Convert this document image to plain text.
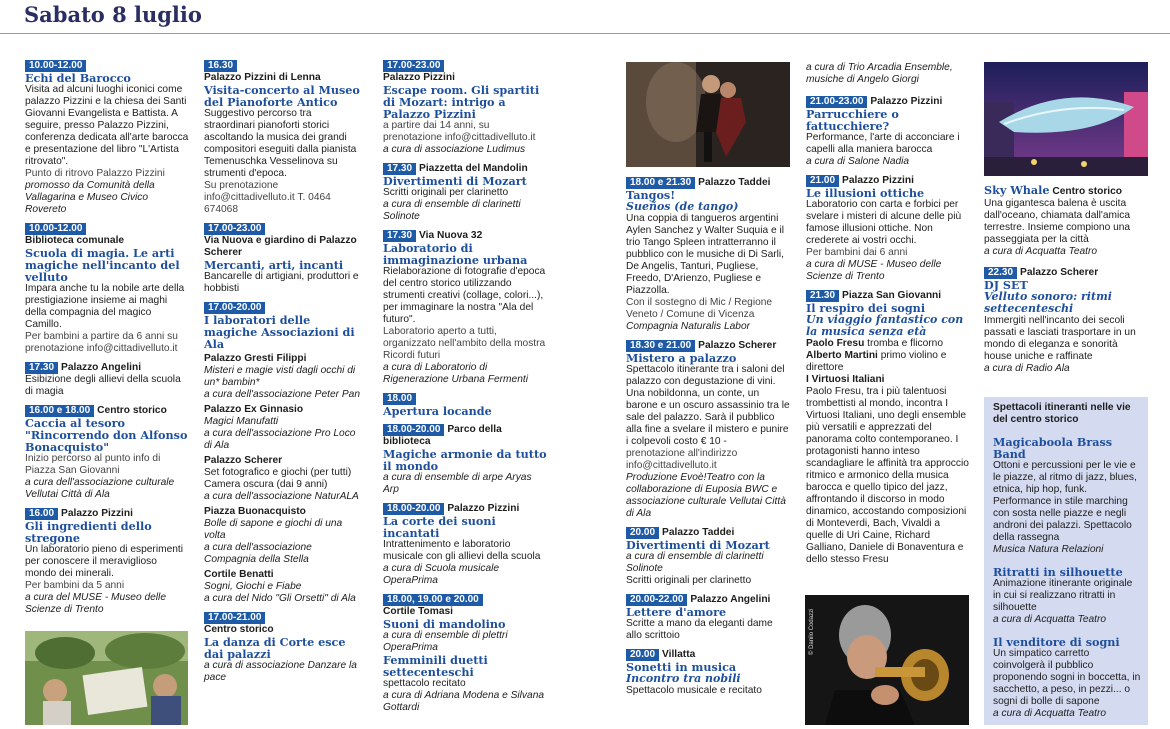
Sabato 8 luglio
10.00-12.00
Echi del Barocco
Visita ad alcuni luoghi iconici come palazzo Pizzini e la chiesa dei Santi Giovanni Evangelista e Battista. A seguire, presso Palazzo Pizzini, conferenza dedicata all'arte barocca e presentazione del libro "L'Artista ritrovato".
Punto di ritrovo Palazzo Pizzini
promosso da Comunità della Vallagarina e Museo Civico Rovereto
10.00-12.00
Biblioteca comunale
Scuola di magia. Le arti magiche nell'incanto del velluto
Impara anche tu la nobile arte della prestigiazione insieme ai maghi della compagnia del magico Camillo.
Per bambini a partire da 6 anni su prenotazione info@cittadivelluto.it
17.30 Palazzo Angelini
Esibizione degli allievi della scuola di magia
16.00 e 18.00 Centro storico
Caccia al tesoro "Rincorrendo don Alfonso Bonacquisto"
Inizio percorso al punto info di Piazza San Giovanni
a cura dell'associazione culturale Vellutai Città di Ala
16.00 Palazzo Pizzini
Gli ingredienti dello stregone
Un laboratorio pieno di esperimenti per conoscere il meraviglioso mondo dei minerali.
Per bambini da 5 anni
a cura del MUSE - Museo delle Scienze di Trento
16.30
Palazzo Pizzini di Lenna
Visita-concerto al Museo del Pianoforte Antico
Suggestivo percorso tra straordinari pianoforti storici ascoltando la musica dei grandi compositori eseguiti dalla pianista Temenuschka Vesselinova su strumenti d'epoca.
Su prenotazione info@cittadivelluto.it T. 0464 674068
17.00-23.00
Via Nuova e giardino di Palazzo Scherer
Mercanti, arti, incanti
Bancarelle di artigiani, produttori e hobbisti
17.00-20.00
I laboratori delle magiche Associazioni di Ala
Palazzo Gresti Filippi
Misteri e magie visti dagli occhi di un* bambin*
a cura dell'associazione Peter Pan
Palazzo Ex Ginnasio
Magici Manufatti
a cura dell'associazione Pro Loco di Ala
Palazzo Scherer
Set fotografico e giochi (per tutti) Camera oscura (dai 9 anni)
a cura dell'associazione NaturALA
Piazza Buonacquisto
Bolle di sapone e giochi di una volta
a cura dell'associazione Compagnia della Stella
Cortile Benatti
Sogni, Giochi e Fiabe
a cura del Nido "Gli Orsetti" di Ala
17.00-21.00
Centro storico
La danza di Corte esce dai palazzi
a cura di associazione Danzare la pace
17.00-23.00
Palazzo Pizzini
Escape room. Gli spartiti di Mozart: intrigo a Palazzo Pizzini
a partire dai 14 anni, su prenotazione info@cittadivelluto.it
a cura di associazione Ludimus
17.30 Piazzetta del Mandolin
Divertimenti di Mozart
Scritti originali per clarinetto
a cura di ensemble di clarinetti Solinote
17.30 Via Nuova 32
Laboratorio di immaginazione urbana
Rielaborazione di fotografie d'epoca del centro storico utilizzando strumenti creativi (collage, colori...), per immaginare la nostra "Ala del futuro".
Laboratorio aperto a tutti, organizzato nell'ambito della mostra Ricordi futuri
a cura di Laboratorio di Rigenerazione Urbana Fermenti
18.00
Apertura locande
18.00-20.00 Parco della biblioteca
Magiche armonie da tutto il mondo
a cura di ensemble di arpe Aryas Arp
18.00-20.00 Palazzo Pizzini
La corte dei suoni incantati
Intrattenimento e laboratorio musicale con gli allievi della scuola
a cura di Scuola musicale OperaPrima
18.00, 19.00 e 20.00
Cortile Tomasi
Suoni di mandolino
a cura di ensemble di plettri OperaPrima
Femminili duetti settecenteschi
spettacolo recitato
a cura di Adriana Modena e Silvana Gottardi
18.00 e 21.30 Palazzo Taddei
Tangos!
Sueños (de tango)
Una coppia di tangueros argentini Aylen Sanchez y Walter Suquia e il trio Tango Spleen intratterranno il pubblico con le musiche di Di Sarli, De Angelis, Tanturi, Pugliese, Freedo, D'Arienzo, Pugliese e Piazzolla.
Con il sostegno di Mic / Regione Veneto / Comune di Vicenza
Compagnia Naturalis Labor
18.30 e 21.00 Palazzo Scherer
Mistero a palazzo
Spettacolo itinerante tra i saloni del palazzo con degustazione di vini. Una nobildonna, un conte, un barone e un oscuro assassinio tra le sale del palazzo. Sarà il pubblico alla fine a svelare il mistero e punire i colpevoli costo € 10 -
prenotazione all'indirizzo info@cittadivelluto.it
Produzione Evoè!Teatro con la collaborazione di Euposia BWC e associazione culturale Vellutai Città di Ala
20.00 Palazzo Taddei
Divertimenti di Mozart
a cura di ensemble di clarinetti Solinote
Scritti originali per clarinetto
20.00-22.00 Palazzo Angelini
Lettere d'amore
Scritte a mano da eleganti dame allo scrittoio
20.00 Villatta
Sonetti in musica
Incontro tra nobili
Spettacolo musicale e recitato
a cura di Trio Arcadia Ensemble, musiche di Angelo Giorgi
21.00-23.00 Palazzo Pizzini
Parrucchiere o fattucchiere?
Performance, l'arte di acconciare i capelli alla maniera barocca
a cura di Salone Nadia
21.00 Palazzo Pizzini
Le illusioni ottiche
Laboratorio con carta e forbici per svelare i misteri di alcune delle più famose illusioni ottiche. Non crederete ai vostri occhi.
Per bambini dai 6 anni
a cura di MUSE - Museo delle Scienze di Trento
21.30 Piazza San Giovanni
Il respiro dei sogni
Un viaggio fantastico con la musica senza età
Paolo Fresu tromba e flicorno
Alberto Martini primo violino e direttore
I Virtuosi Italiani
Paolo Fresu, tra i più talentuosi trombettisti al mondo, incontra I Virtuosi Italiani, uno degli ensemble più versatili e apprezzati del panorama colto contemporaneo. I protagonisti hanno inteso scandagliare le affinità tra approccio ritmico e armonico della musica barocca e quello tipico del jazz, affrontando il discorso in modo dinamico, accostando composizioni di Monteverdi, Bach, Vivaldi a quelle di Uri Caine, Richard Galliano, Daniele di Bonaventura e dello stesso Fresu
© Danilo Codazzi
Sky Whale Centro storico
Una gigantesca balena è uscita dall'oceano, chiamata dall'amica terrestre. Insieme compiono una passeggiata per la città
a cura di Acquatta Teatro
22.30 Palazzo Scherer
DJ SET
Velluto sonoro: ritmi settecenteschi
Immergiti nell'incanto dei secoli passati e lasciati trasportare in un mondo di eleganza e sonorità house uniche e raffinate
a cura di Radio Ala
Spettacoli itineranti nelle vie del centro storico
Magicaboola Brass Band
Ottoni e percussioni per le vie e le piazze, al ritmo di jazz, blues, etnica, hip hop, funk. Performance in stile marching con sosta nelle piazze e negli androni dei palazzi. Spettacolo della rassegna
Musica Natura Relazioni
Ritratti in silhouette
Animazione itinerante originale in cui si realizzano ritratti in silhouette
a cura di Acquatta Teatro
Il venditore di sogni
Un simpatico carretto coinvolgerà il pubblico proponendo sogni in boccetta, in sacchetto, a peso, in pezzi... o sogni di bolle di sapone
a cura di Acquatta Teatro
